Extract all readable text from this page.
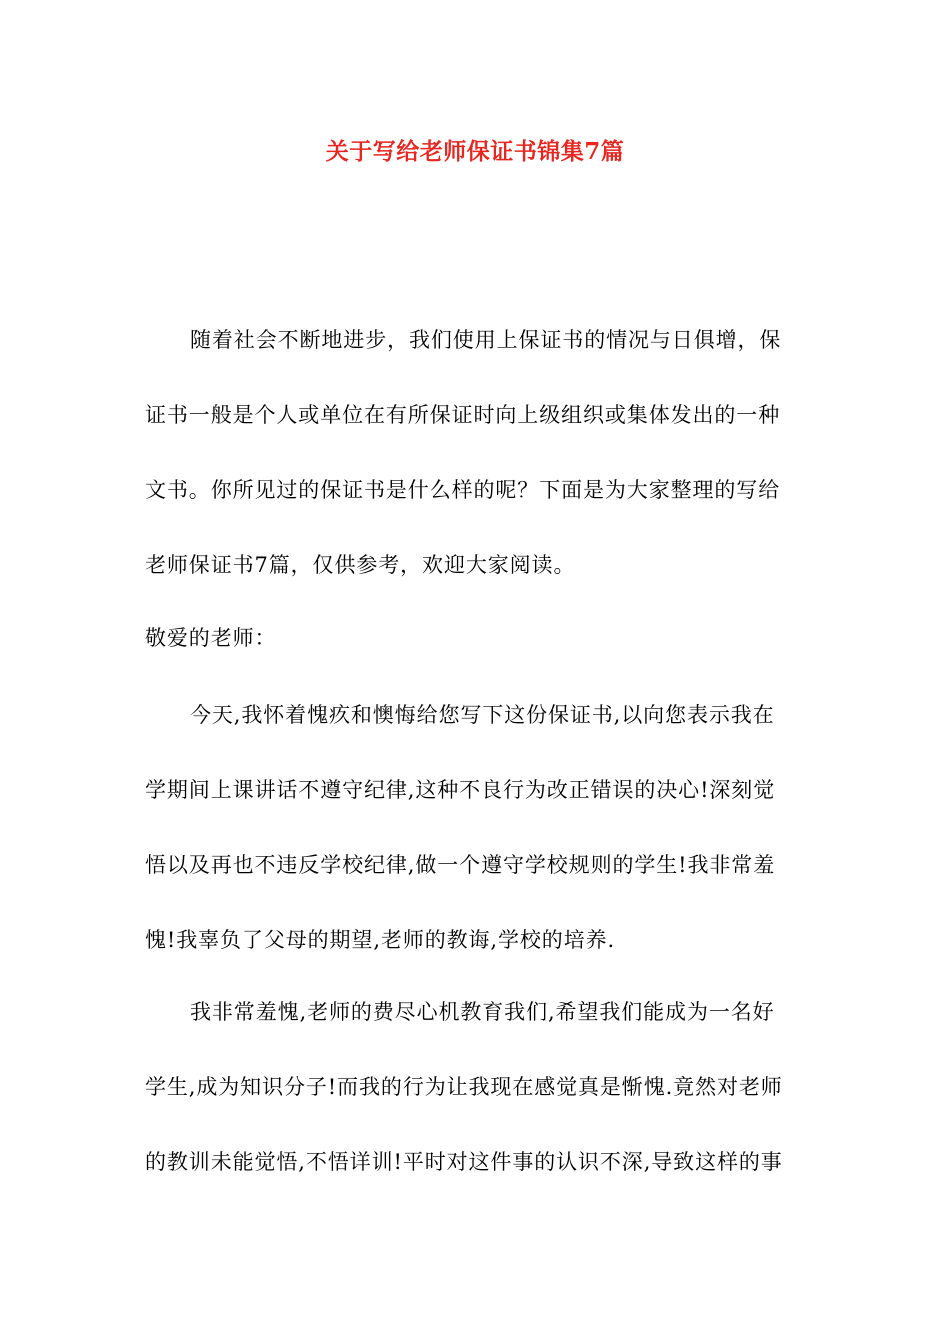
关于写给老师保证书锦集7篇
随着社会不断地进步，我们使用上保证书的情况与日俱增，保
证书一般是个人或单位在有所保证时向上级组织或集体发出的一种
文书。你所见过的保证书是什么样的呢？下面是为大家整理的写给
老师保证书7篇，仅供参考，欢迎大家阅读。
敬爱的老师：
今天,我怀着愧疚和懊悔给您写下这份保证书,以向您表示我在
学期间上课讲话不遵守纪律,这种不良行为改正错误的决心!深刻觉
悟以及再也不违反学校纪律,做一个遵守学校规则的学生!我非常羞
愧!我辜负了父母的期望,老师的教诲,学校的培养.
我非常羞愧,老师的费尽心机教育我们,希望我们能成为一名好
学生,成为知识分子!而我的行为让我现在感觉真是惭愧.竟然对老师
的教训未能觉悟,不悟详训!平时对这件事的认识不深,导致这样的事
